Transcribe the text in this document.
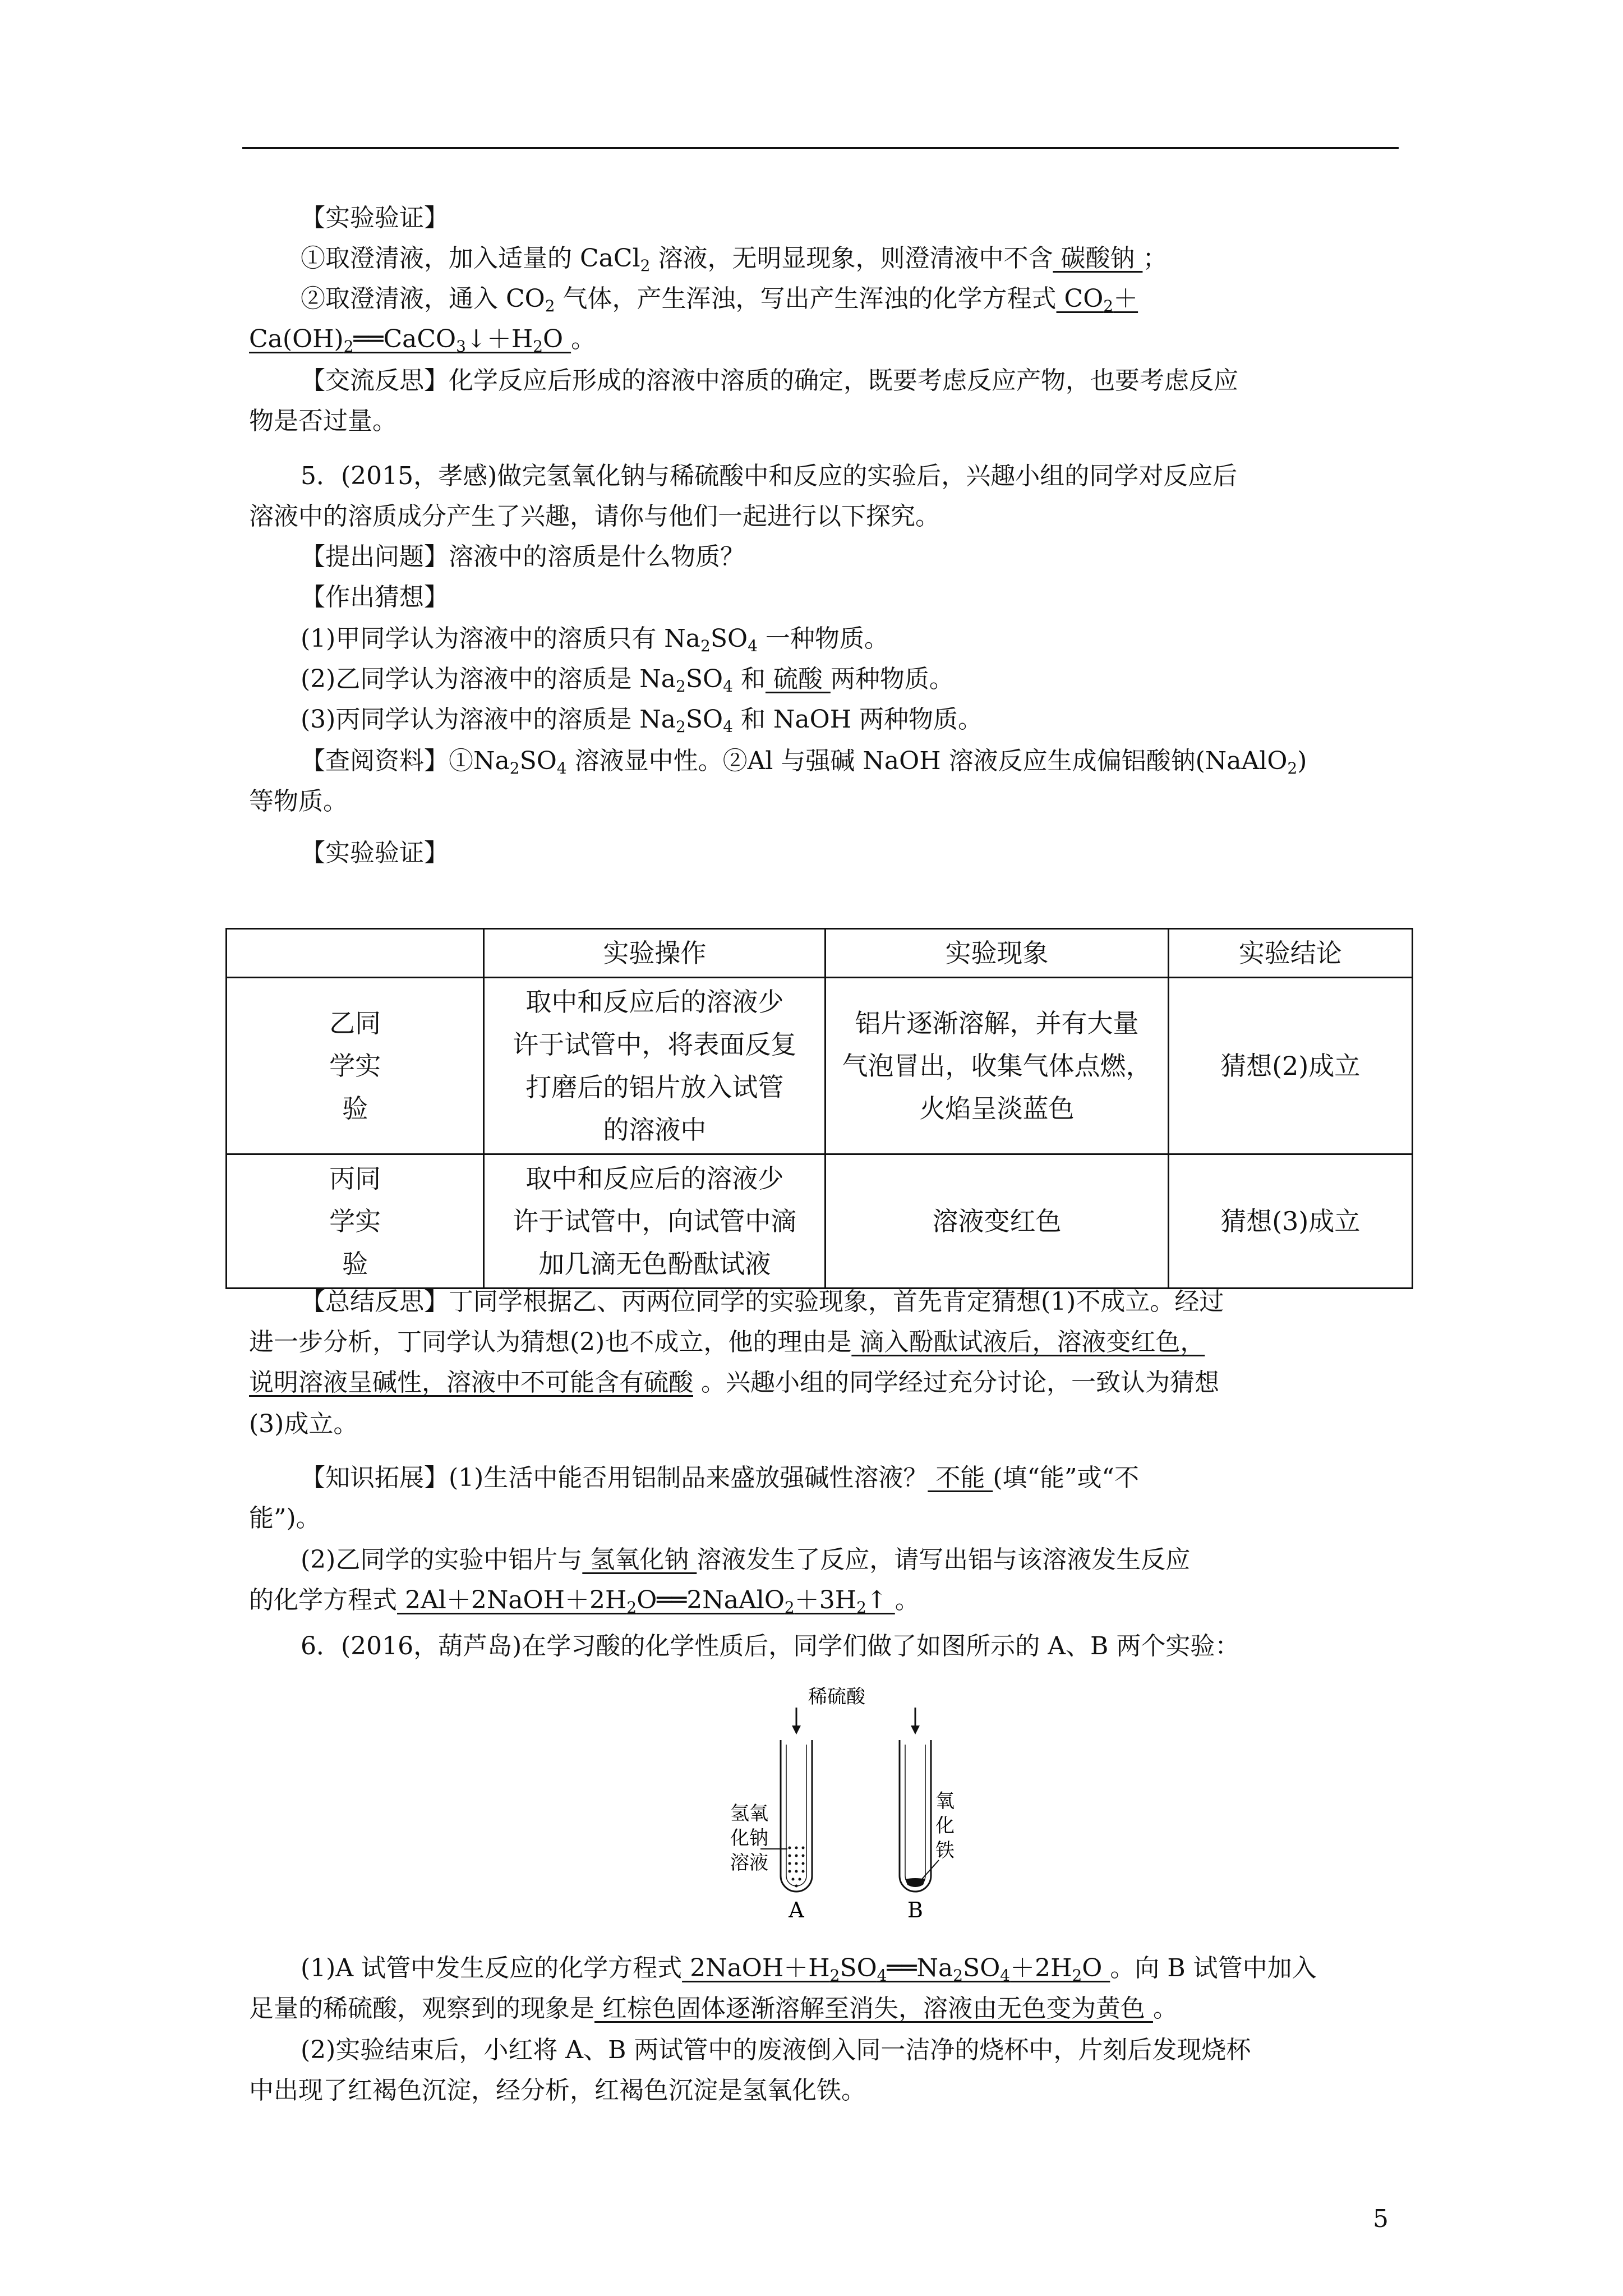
【实验验证】
①取澄清液，加入适量的 CaCl$_2$ 溶液，无明显现象，则澄清液中不含 碳酸钠 ；
②取澄清液，通入 $CO_2$ 气体，产生浑浊，写出产生浑浊的化学方程式 $CO_2+$
$Ca(OH)_2══CaCO_3↓+H_2O$ 。
【交流反思】化学反应后形成的溶液中溶质的确定，既要考虑反应产物，也要考虑反应
物是否过量。
5．(2015，孝感)做完氢氧化钠与稀硫酸中和反应的实验后，兴趣小组的同学对反应后
溶液中的溶质成分产生了兴趣，请你与他们一起进行以下探究。
【提出问题】溶液中的溶质是什么物质？
【作出猜想】
(1)甲同学认为溶液中的溶质只有 $Na_2SO_4$ 一种物质。
(2)乙同学认为溶液中的溶质是 $Na_2SO_4$ 和 硫酸 两种物质。
(3)丙同学认为溶液中的溶质是 $Na_2SO_4$ 和 NaOH 两种物质。
【查阅资料】$①Na_2SO_4$ 溶液显中性。②Al 与强碱 NaOH 溶液反应生成偏铝酸钠(NaAlO$_2$)
等物质。
【实验验证】
	实验操作	实验现象	实验结论
乙同
学实
验	取中和反应后的溶液少
许于试管中，将表面反复
打磨后的铝片放入试管
的溶液中	铝片逐渐溶解，并有大量
气泡冒出，收集气体点燃，
火焰呈淡蓝色	猜想(2)成立
丙同
学实
验	取中和反应后的溶液少
许于试管中，向试管中滴
加几滴无色酚酞试液	溶液变红色	猜想(3)成立
【总结反思】丁同学根据乙、丙两位同学的实验现象，首先肯定猜想(1)不成立。经过
进一步分析，丁同学认为猜想(2)也不成立，他的理由是 滴入酚酞试液后，溶液变红色，
说明溶液呈碱性，溶液中不可能含有硫酸 。兴趣小组的同学经过充分讨论，一致认为猜想
(3)成立。
【知识拓展】(1)生活中能否用铝制品来盛放强碱性溶液？ 不能 (填“能”或“不
能”)。
(2)乙同学的实验中铝片与 氢氧化钠 溶液发生了反应，请写出铝与该溶液发生反应
的化学方程式 $2Al+2NaOH+2H_2O══2NaAlO_2+3H_2↑$ 。
6．(2016，葫芦岛)在学习酸的化学性质后，同学们做了如图所示的 A、B 两个实验：
稀硫酸
氢氧
化钠
溶液
A
氧
化
铁
B
(1)A 试管中发生反应的化学方程式 $2NaOH+H_2SO_4══Na_2SO_4+2H_2O$ 。向 B 试管中加入
足量的稀硫酸，观察到的现象是 红棕色固体逐渐溶解至消失，溶液由无色变为黄色 。
(2)实验结束后，小红将 A、B 两试管中的废液倒入同一洁净的烧杯中，片刻后发现烧杯
中出现了红褐色沉淀，经分析，红褐色沉淀是氢氧化铁。
5
